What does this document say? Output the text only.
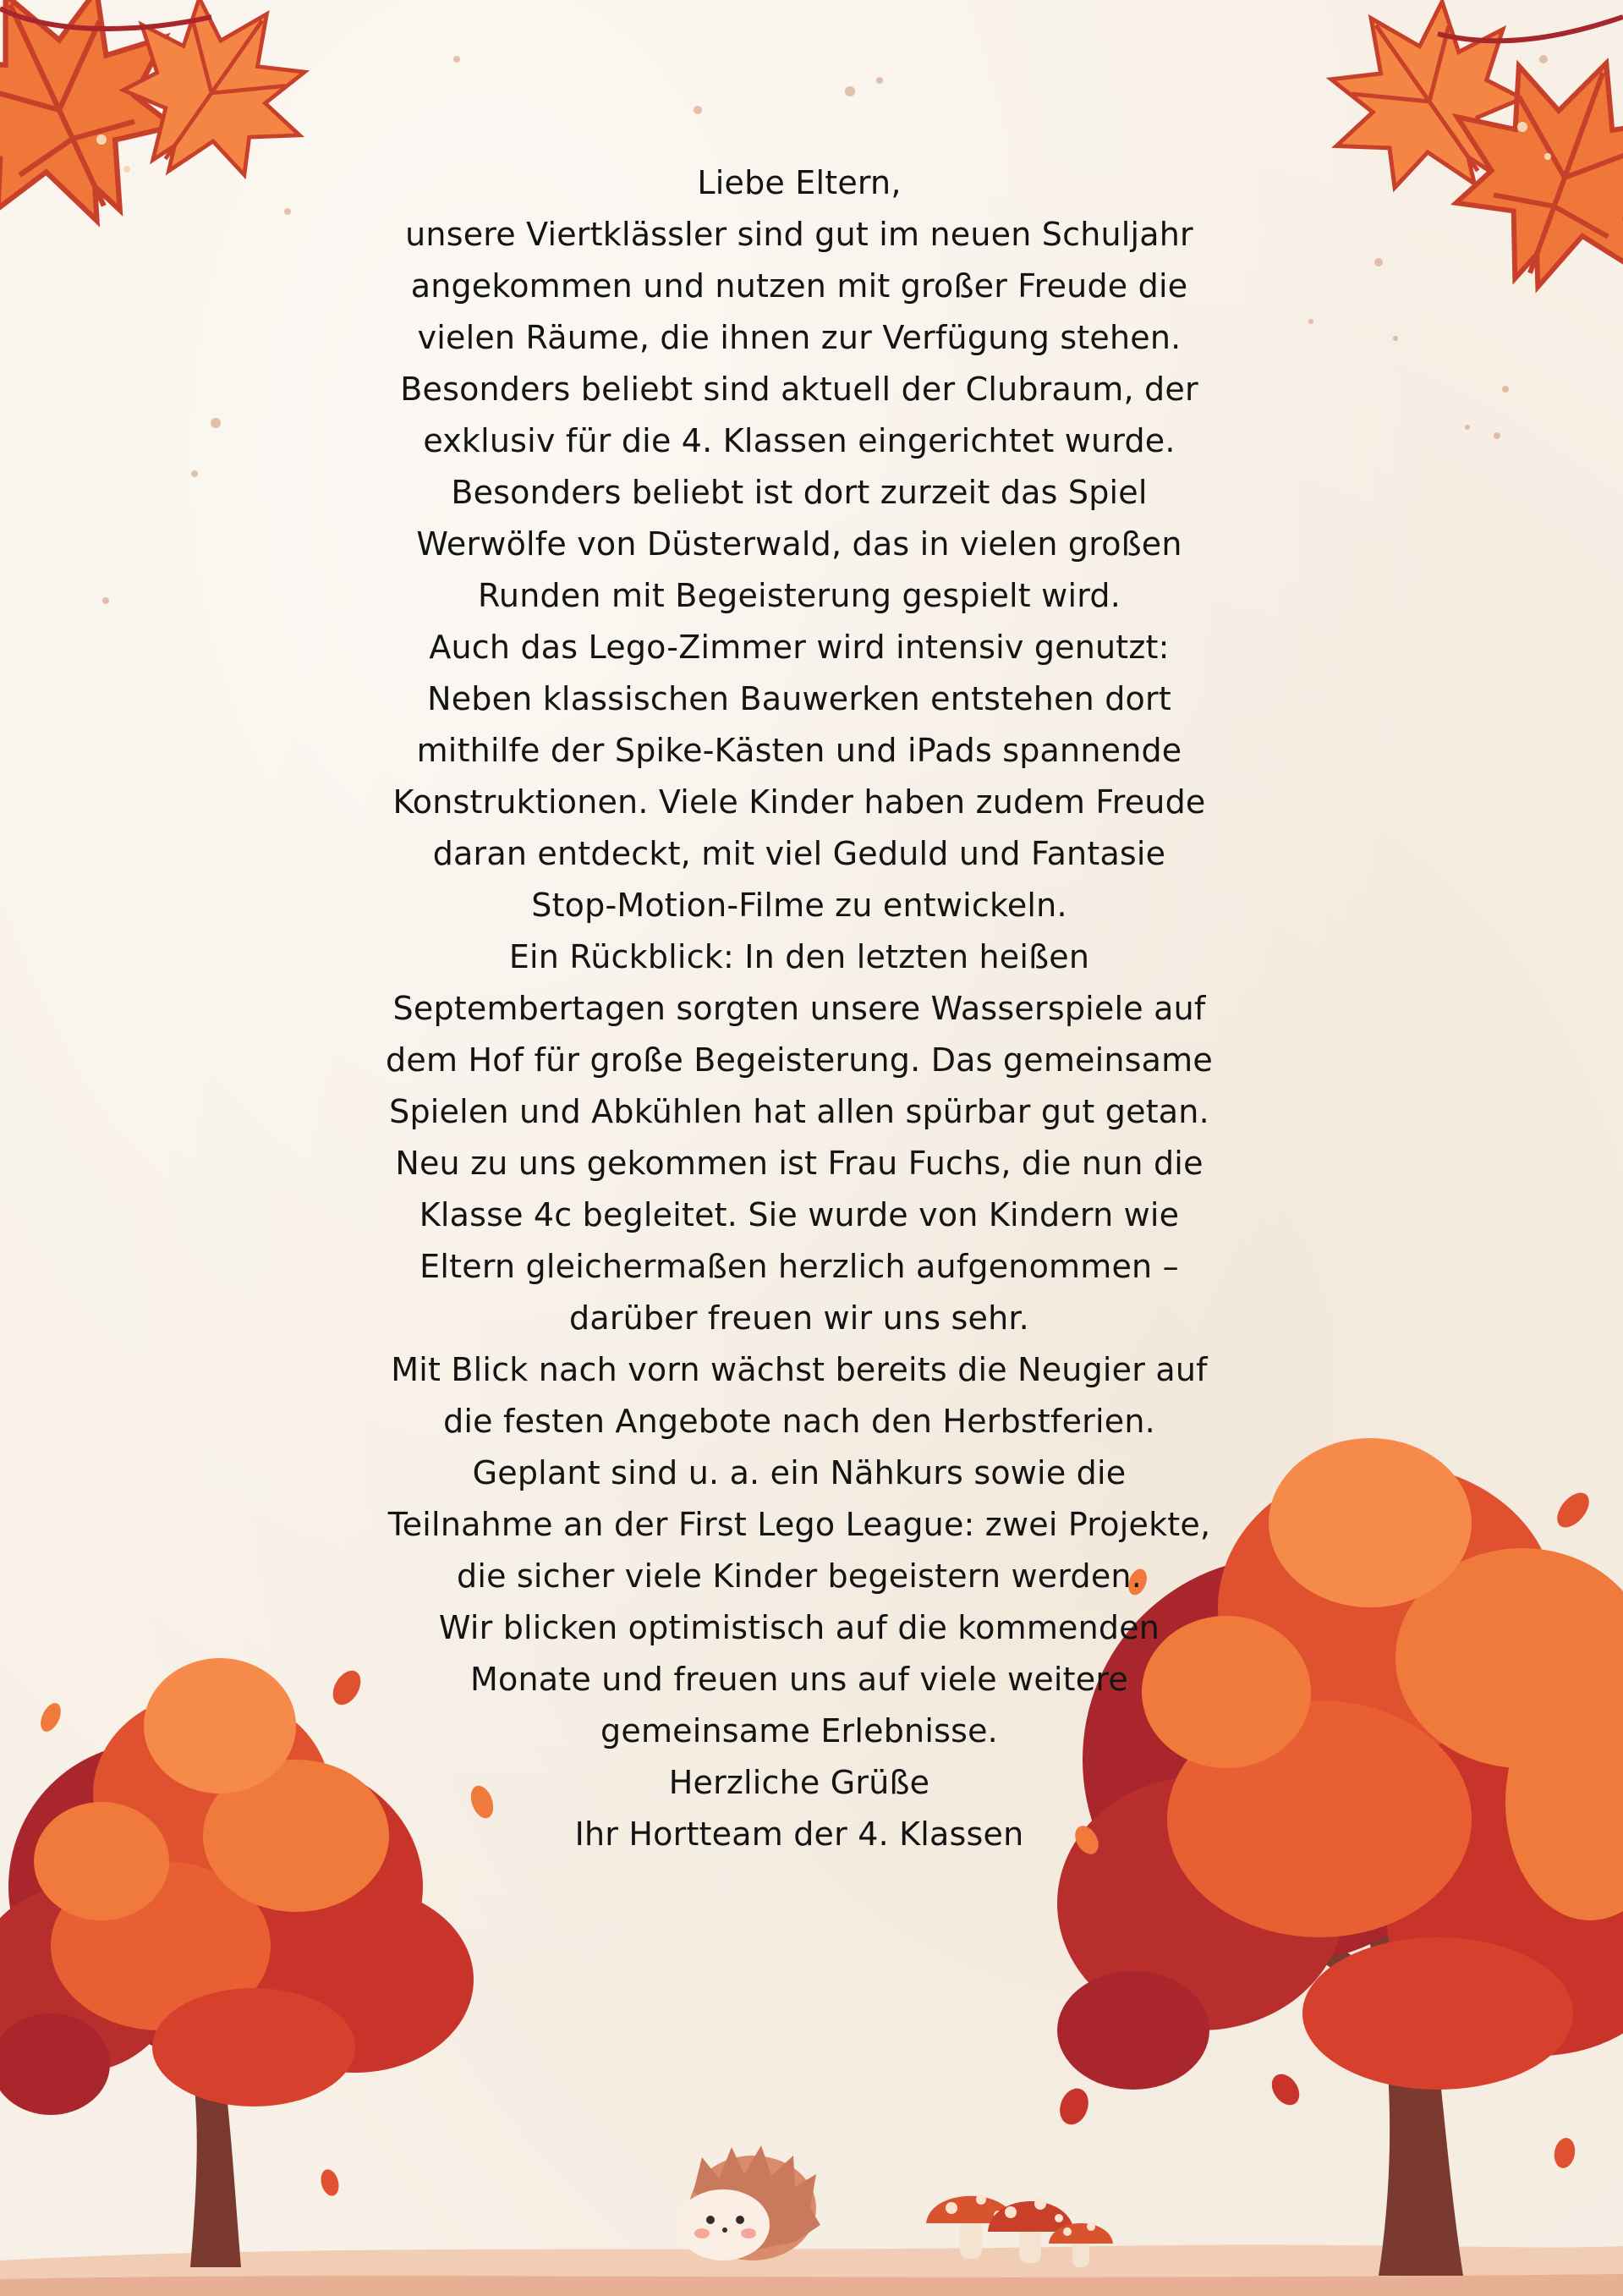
Liebe Eltern,
unsere Viertklässler sind gut im neuen Schuljahr
angekommen und nutzen mit großer Freude die
vielen Räume, die ihnen zur Verfügung stehen.
Besonders beliebt sind aktuell der Clubraum, der
exklusiv für die 4. Klassen eingerichtet wurde.
Besonders beliebt ist dort zurzeit das Spiel
Werwölfe von Düsterwald, das in vielen großen
Runden mit Begeisterung gespielt wird.
Auch das Lego-Zimmer wird intensiv genutzt:
Neben klassischen Bauwerken entstehen dort
mithilfe der Spike-Kästen und iPads spannende
Konstruktionen. Viele Kinder haben zudem Freude
daran entdeckt, mit viel Geduld und Fantasie
Stop-Motion-Filme zu entwickeln.
Ein Rückblick: In den letzten heißen
Septembertagen sorgten unsere Wasserspiele auf
dem Hof für große Begeisterung. Das gemeinsame
Spielen und Abkühlen hat allen spürbar gut getan.
Neu zu uns gekommen ist Frau Fuchs, die nun die
Klasse 4c begleitet. Sie wurde von Kindern wie
Eltern gleichermaßen herzlich aufgenommen –
darüber freuen wir uns sehr.
Mit Blick nach vorn wächst bereits die Neugier auf
die festen Angebote nach den Herbstferien.
Geplant sind u. a. ein Nähkurs sowie die
Teilnahme an der First Lego League: zwei Projekte,
die sicher viele Kinder begeistern werden.
Wir blicken optimistisch auf die kommenden
Monate und freuen uns auf viele weitere
gemeinsame Erlebnisse.
Herzliche Grüße
Ihr Hortteam der 4. Klassen
